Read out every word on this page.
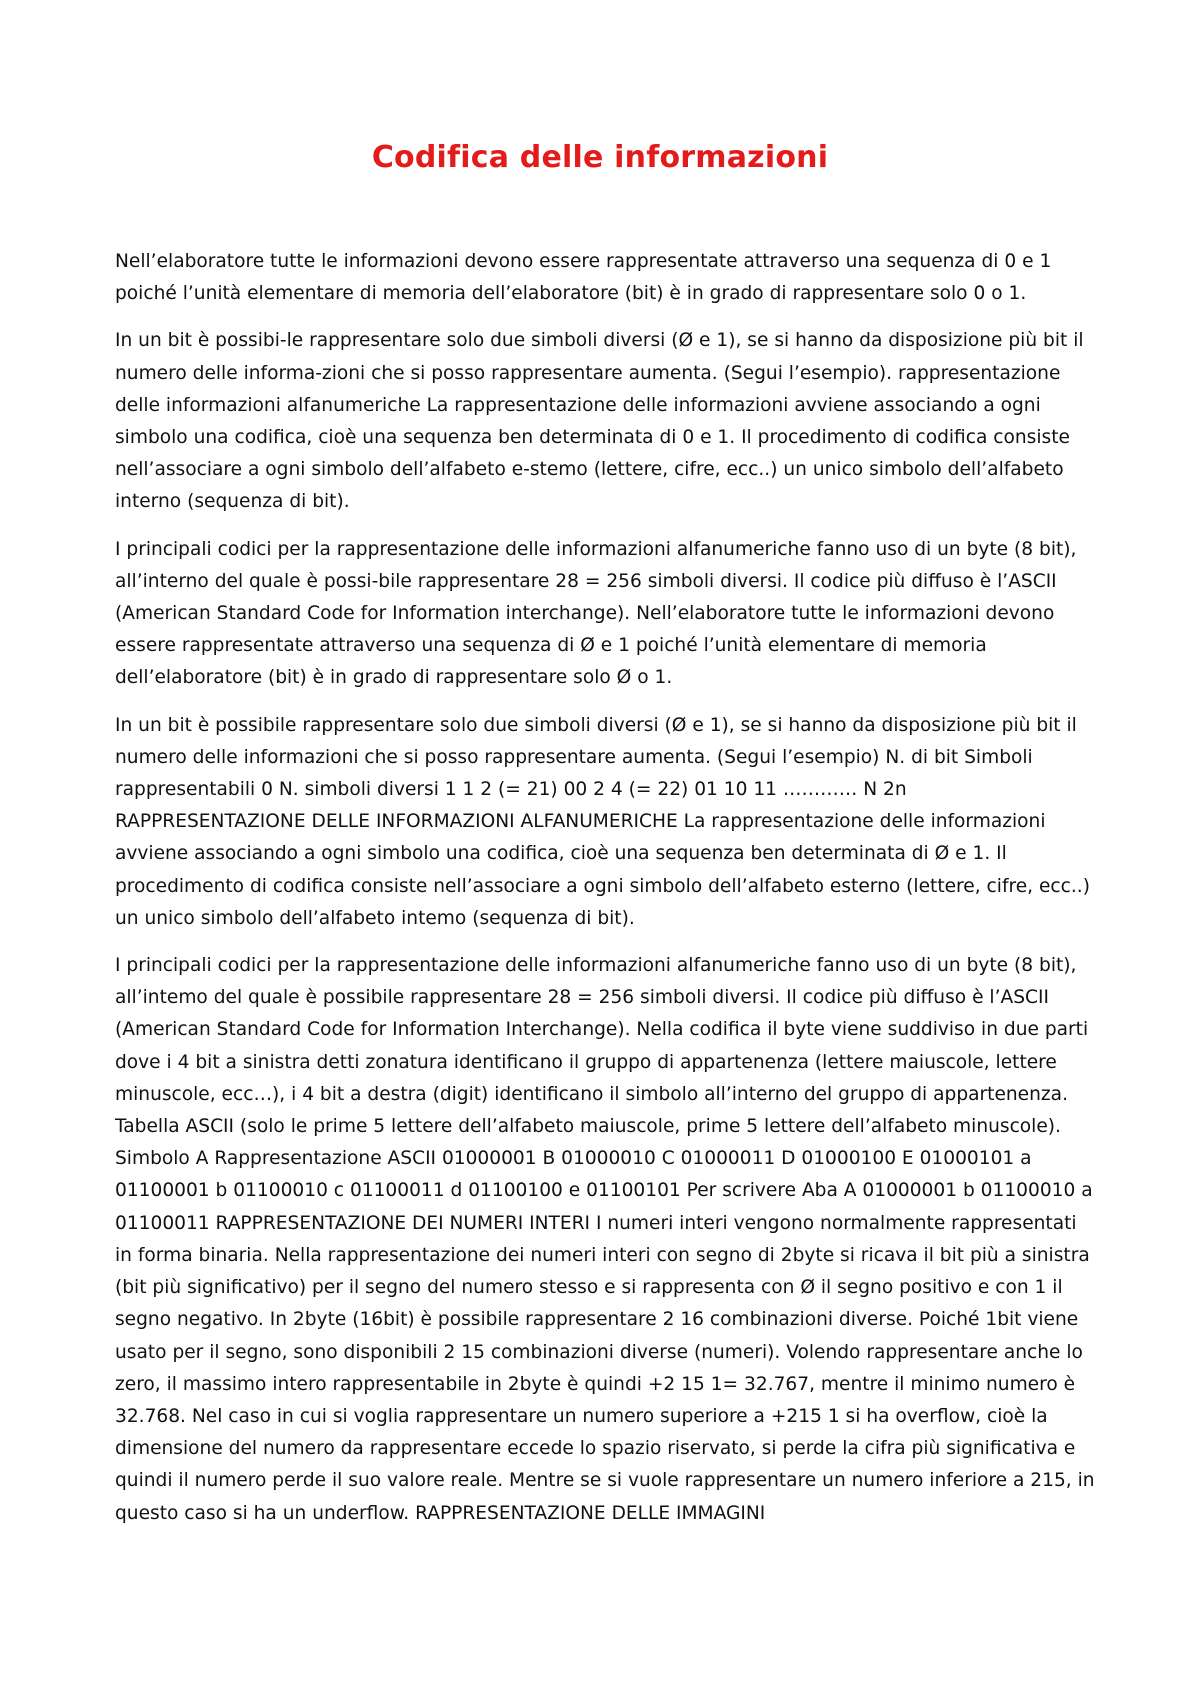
Codifica delle informazioni

Nell’elaboratore tutte le informazioni devono essere rappresentate attraverso una sequenza di 0 e 1 poiché l’unità elementare di memoria dell’elaboratore (bit) è in grado di rappresentare solo 0 o 1.

In un bit è possibi-le rappresentare solo due simboli diversi (Ø e 1), se si hanno da disposizione più bit il numero delle informa-zioni che si posso rappresentare aumenta. (Segui l’esempio). rappresentazione delle informazioni alfanumeriche La rappresentazione delle informazioni avviene associando a ogni simbolo una codifica, cioè una sequenza ben determinata di 0 e 1. Il procedimento di codifica consiste nell’associare a ogni simbolo dell’alfabeto e-stemo (lettere, cifre, ecc..) un unico simbolo dell’alfabeto interno (sequenza di bit).

I principali codici per la rappresentazione delle informazioni alfanumeriche fanno uso di un byte (8 bit), all’interno del quale è possi-bile rappresentare 28 = 256 simboli diversi. Il codice più diffuso è l’ASCII (American Standard Code for Information interchange). Nell’elaboratore tutte le informazioni devono essere rappresentate attraverso una sequenza di Ø e 1 poiché l’unità elementare di memoria dell’elaboratore (bit) è in grado di rappresentare solo Ø o 1.

In un bit è possibile rappresentare solo due simboli diversi (Ø e 1), se si hanno da disposizione più bit il numero delle informazioni che si posso rappresentare aumenta. (Segui l’esempio) N. di bit Simboli rappresentabili 0 N. simboli diversi 1 1 2 (= 21) 00 2 4 (= 22) 01 10 11 ………… N 2n RAPPRESENTAZIONE DELLE INFORMAZIONI ALFANUMERICHE La rappresentazione delle informazioni avviene associando a ogni simbolo una codifica, cioè una sequenza ben determinata di Ø e 1. Il procedimento di codifica consiste nell’associare a ogni simbolo dell’alfabeto esterno (lettere, cifre, ecc..) un unico simbolo dell’alfabeto intemo (sequenza di bit).

I principali codici per la rappresentazione delle informazioni alfanumeriche fanno uso di un byte (8 bit), all’intemo del quale è possibile rappresentare 28 = 256 simboli diversi. Il codice più diffuso è l’ASCII (American Standard Code for Information Interchange). Nella codifica il byte viene suddiviso in due parti dove i 4 bit a sinistra detti zonatura identificano il gruppo di appartenenza (lettere maiuscole, lettere minuscole, ecc…), i 4 bit a destra (digit) identificano il simbolo all’interno del gruppo di appartenenza. Tabella ASCII (solo le prime 5 lettere dell’alfabeto maiuscole, prime 5 lettere dell’alfabeto minuscole). Simbolo A Rappresentazione ASCII 01000001 B 01000010 C 01000011 D 01000100 E 01000101 a 01100001 b 01100010 c 01100011 d 01100100 e 01100101 Per scrivere Aba A 01000001 b 01100010 a 01100011 RAPPRESENTAZIONE DEI NUMERI INTERI I numeri interi vengono normalmente rappresentati in forma binaria. Nella rappresentazione dei numeri interi con segno di 2byte si ricava il bit più a sinistra (bit più significativo) per il segno del numero stesso e si rappresenta con Ø il segno positivo e con 1 il segno negativo. In 2byte (16bit) è possibile rappresentare 2 16 combinazioni diverse. Poiché 1bit viene usato per il segno, sono disponibili 2 15 combinazioni diverse (numeri). Volendo rappresentare anche lo zero, il massimo intero rappresentabile in 2byte è quindi +2 15 1= 32.767, mentre il minimo numero è 32.768. Nel caso in cui si voglia rappresentare un numero superiore a +215 1 si ha overflow, cioè la dimensione del numero da rappresentare eccede lo spazio riservato, si perde la cifra più significativa e quindi il numero perde il suo valore reale. Mentre se si vuole rappresentare un numero inferiore a 215, in questo caso si ha un underflow. RAPPRESENTAZIONE DELLE IMMAGINI
